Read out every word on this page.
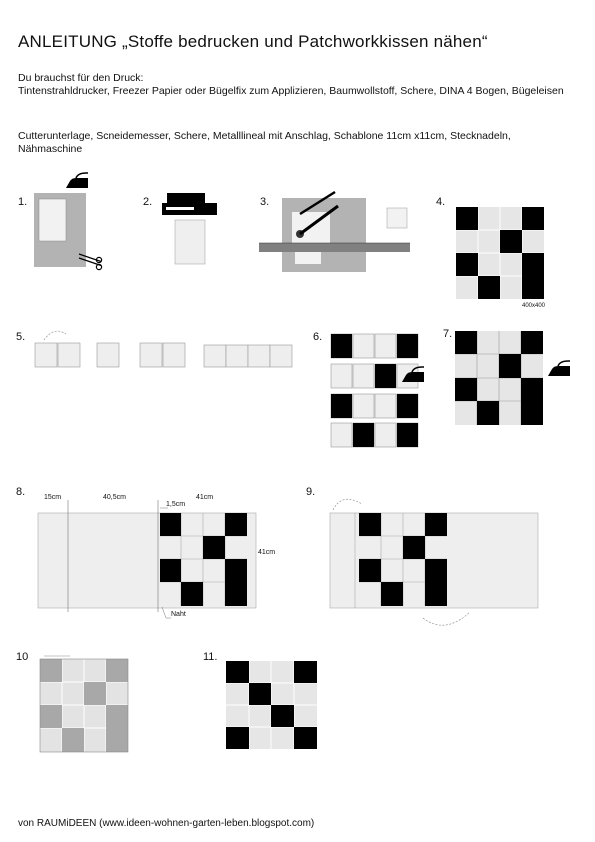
ANLEITUNG „Stoffe bedrucken und Patchworkkissen nähen“
Du brauchst für den Druck:
Tintenstrahldrucker, Freezer Papier oder Bügelfix zum Applizieren, Baumwollstoff, Schere, DINA 4 Bogen, Bügeleisen
Cutterunterlage, Scneidemesser, Schere, Metalllineal mit Anschlag, Schablone 11cm x11cm, Stecknadeln, Nähmaschine
1.	2.	3.	4.
5.	6.	7.
8.	9.
10	11.
400x400
15cm	40,5cm
1,5cm
41cm
41cm
Naht
von RAUMiDEEN (www.ideen-wohnen-garten-leben.blogspot.com)
